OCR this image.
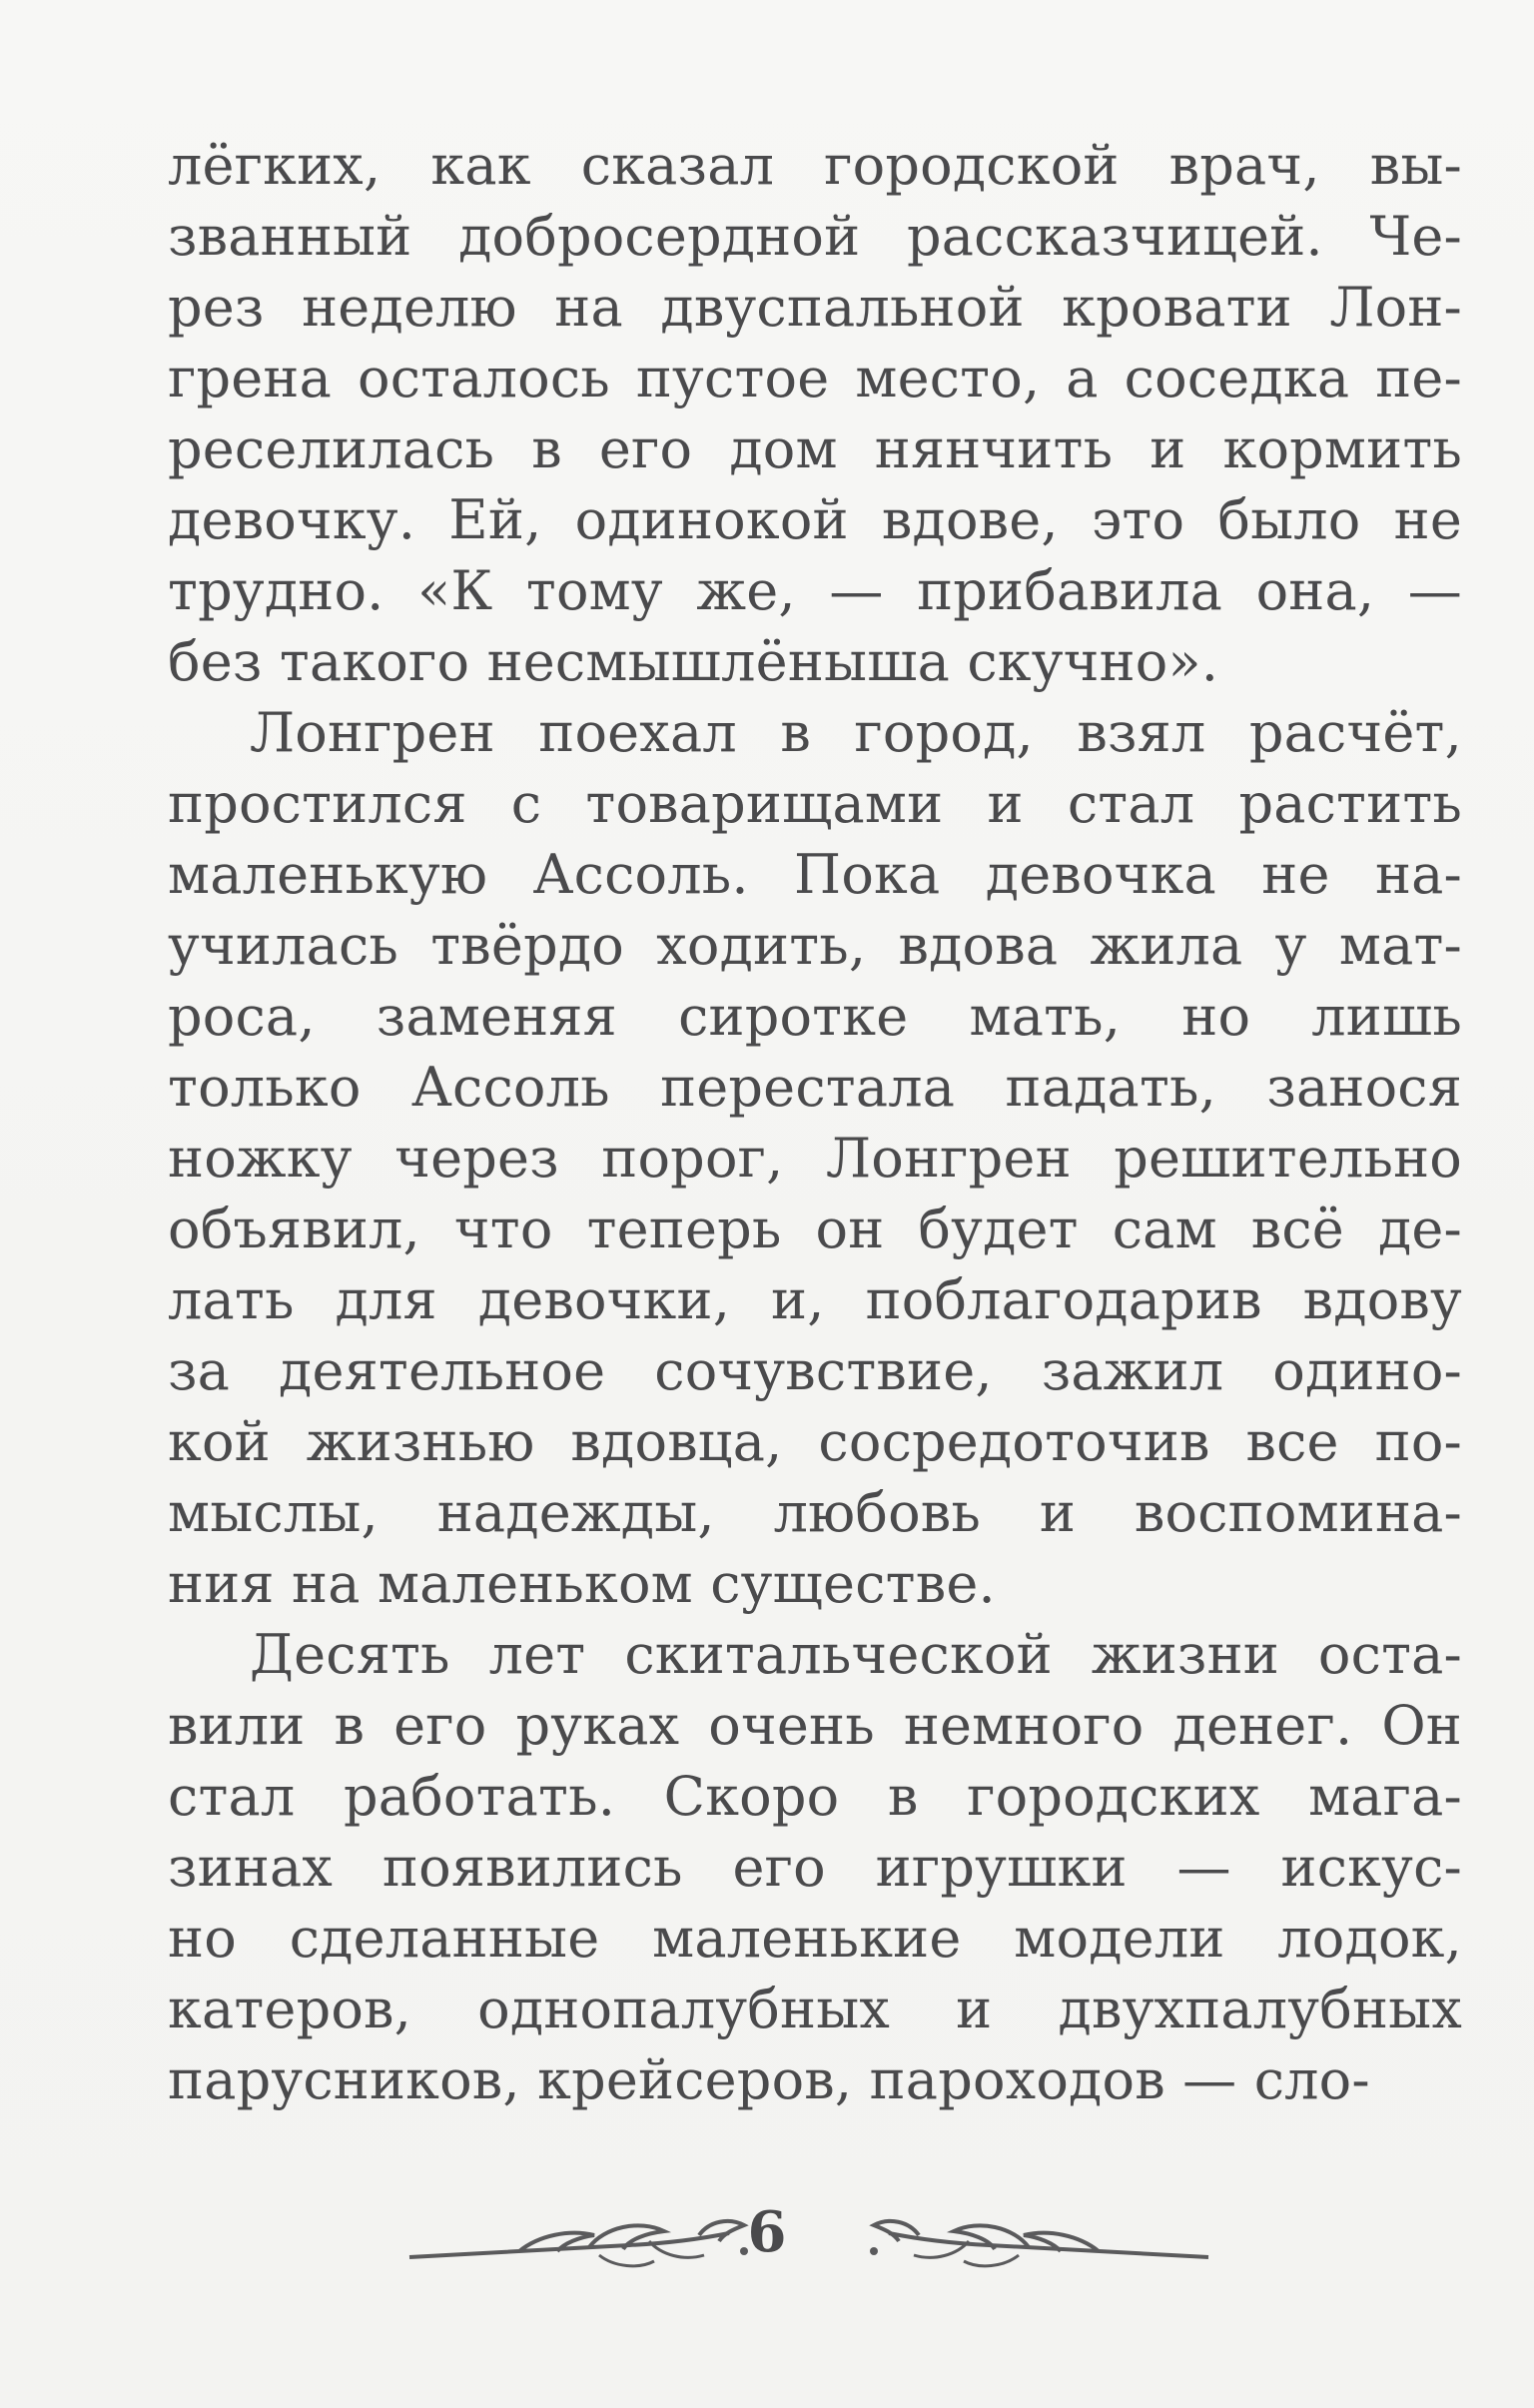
лёгких, как сказал городской врач, вы-
званный добросердной рассказчицей. Че-
рез неделю на двуспальной кровати Лон-
грена осталось пустое место, а соседка пе-
реселилась в его дом нянчить и кормить
девочку. Ей, одинокой вдове, это было не
трудно. «К тому же, — прибавила она, —
без такого несмышлёныша скучно».
Лонгрен поехал в город, взял расчёт,
простился с товарищами и стал растить
маленькую Ассоль. Пока девочка не на-
училась твёрдо ходить, вдова жила у мат-
роса, заменяя сиротке мать, но лишь
только Ассоль перестала падать, занося
ножку через порог, Лонгрен решительно
объявил, что теперь он будет сам всё де-
лать для девочки, и, поблагодарив вдову
за деятельное сочувствие, зажил одино-
кой жизнью вдовца, сосредоточив все по-
мыслы, надежды, любовь и воспомина-
ния на маленьком существе.
Десять лет скитальческой жизни оста-
вили в его руках очень немного денег. Он
стал работать. Скоро в городских мага-
зинах появились его игрушки — искус-
но сделанные маленькие модели лодок,
катеров, однопалубных и двухпалубных
парусников, крейсеров, пароходов — сло-
6
